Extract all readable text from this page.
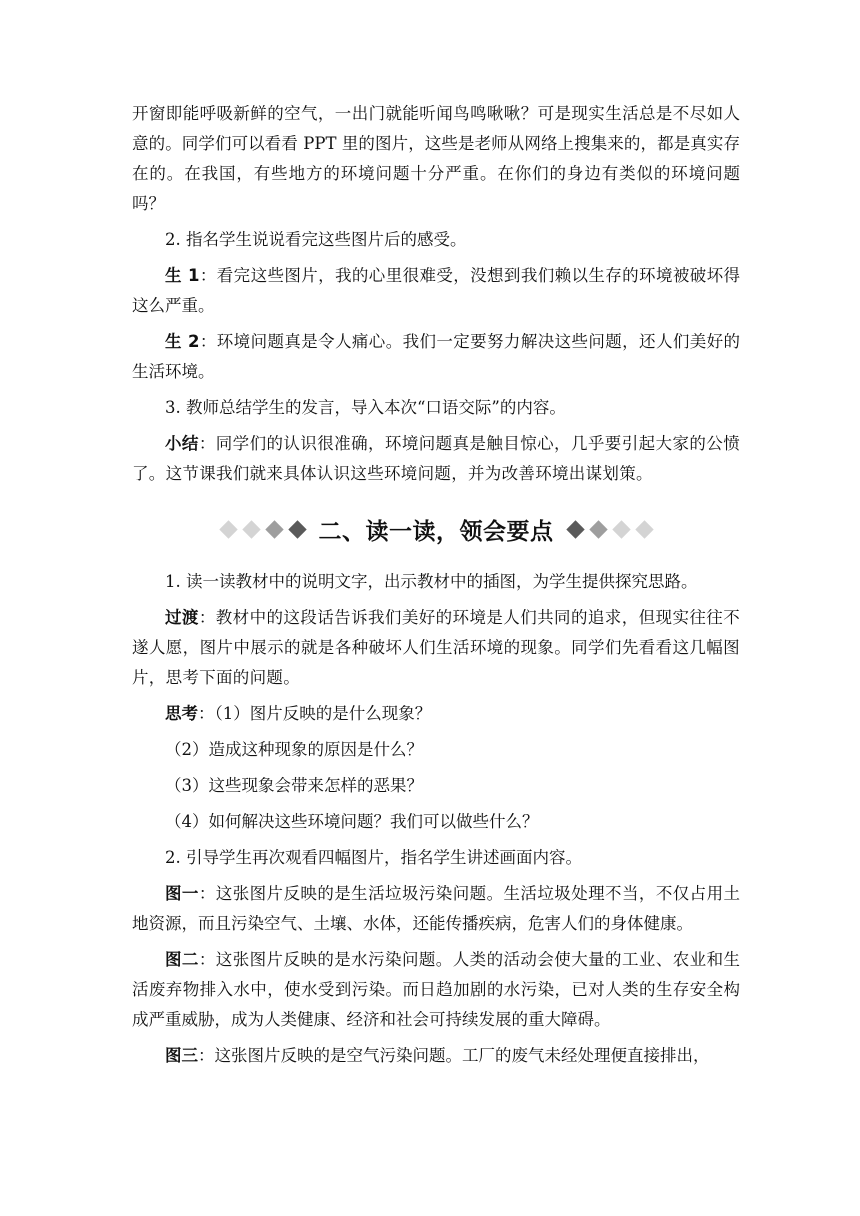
开窗即能呼吸新鲜的空气，一出门就能听闻鸟鸣啾啾？可是现实生活总是不尽如人意的。同学们可以看看 PPT 里的图片，这些是老师从网络上搜集来的，都是真实存在的。在我国，有些地方的环境问题十分严重。在你们的身边有类似的环境问题吗？

2. 指名学生说说看完这些图片后的感受。

生 1：看完这些图片，我的心里很难受，没想到我们赖以生存的环境被破坏得这么严重。

生 2：环境问题真是令人痛心。我们一定要努力解决这些问题，还人们美好的生活环境。

3. 教师总结学生的发言，导入本次“口语交际”的内容。

小结：同学们的认识很准确，环境问题真是触目惊心，几乎要引起大家的公愤了。这节课我们就来具体认识这些环境问题，并为改善环境出谋划策。

二、读一读，领会要点

1. 读一读教材中的说明文字，出示教材中的插图，为学生提供探究思路。

过渡：教材中的这段话告诉我们美好的环境是人们共同的追求，但现实往往不遂人愿，图片中展示的就是各种破坏人们生活环境的现象。同学们先看看这几幅图片，思考下面的问题。

思考：（1）图片反映的是什么现象？

（2）造成这种现象的原因是什么？

（3）这些现象会带来怎样的恶果？

（4）如何解决这些环境问题？我们可以做些什么？

2. 引导学生再次观看四幅图片，指名学生讲述画面内容。

图一：这张图片反映的是生活垃圾污染问题。生活垃圾处理不当，不仅占用土地资源，而且污染空气、土壤、水体，还能传播疾病，危害人们的身体健康。

图二：这张图片反映的是水污染问题。人类的活动会使大量的工业、农业和生活废弃物排入水中，使水受到污染。而日趋加剧的水污染，已对人类的生存安全构成严重威胁，成为人类健康、经济和社会可持续发展的重大障碍。

图三：这张图片反映的是空气污染问题。工厂的废气未经处理便直接排出，
